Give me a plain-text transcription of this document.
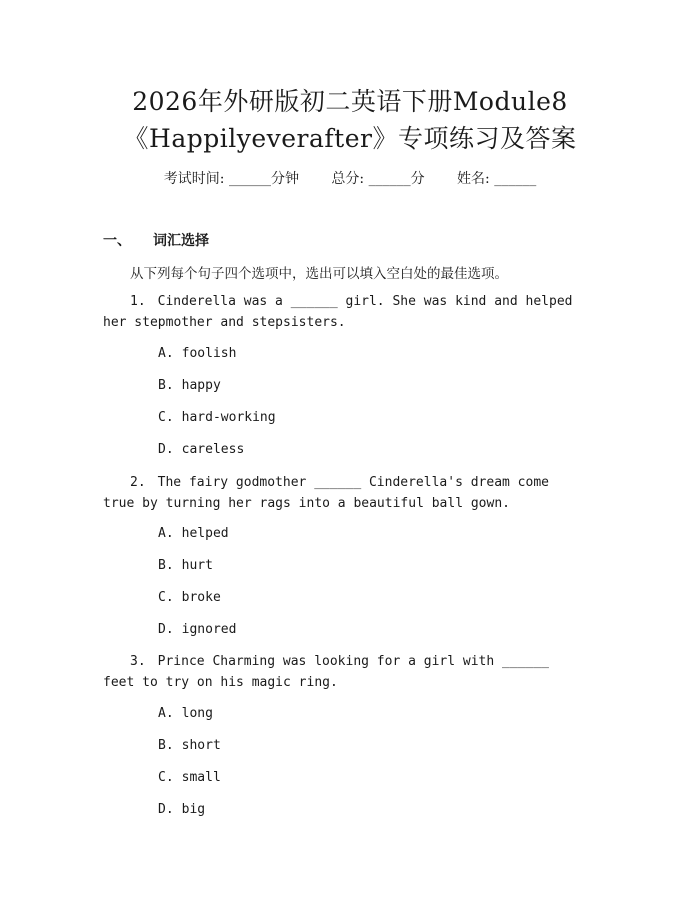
2026年外研版初二英语下册Module8
《Happilyeverafter》专项练习及答案
考试时间: ______分钟 总分: ______分 姓名: ______
一、 词汇选择
从下列每个句子四个选项中，选出可以填入空白处的最佳选项。
1. Cinderella was a ______ girl. She was kind and helped her stepmother and stepsisters.
A. foolish
B. happy
C. hard-working
D. careless
2. The fairy godmother ______ Cinderella's dream come true by turning her rags into a beautiful ball gown.
A. helped
B. hurt
C. broke
D. ignored
3. Prince Charming was looking for a girl with ______ feet to try on his magic ring.
A. long
B. short
C. small
D. big
